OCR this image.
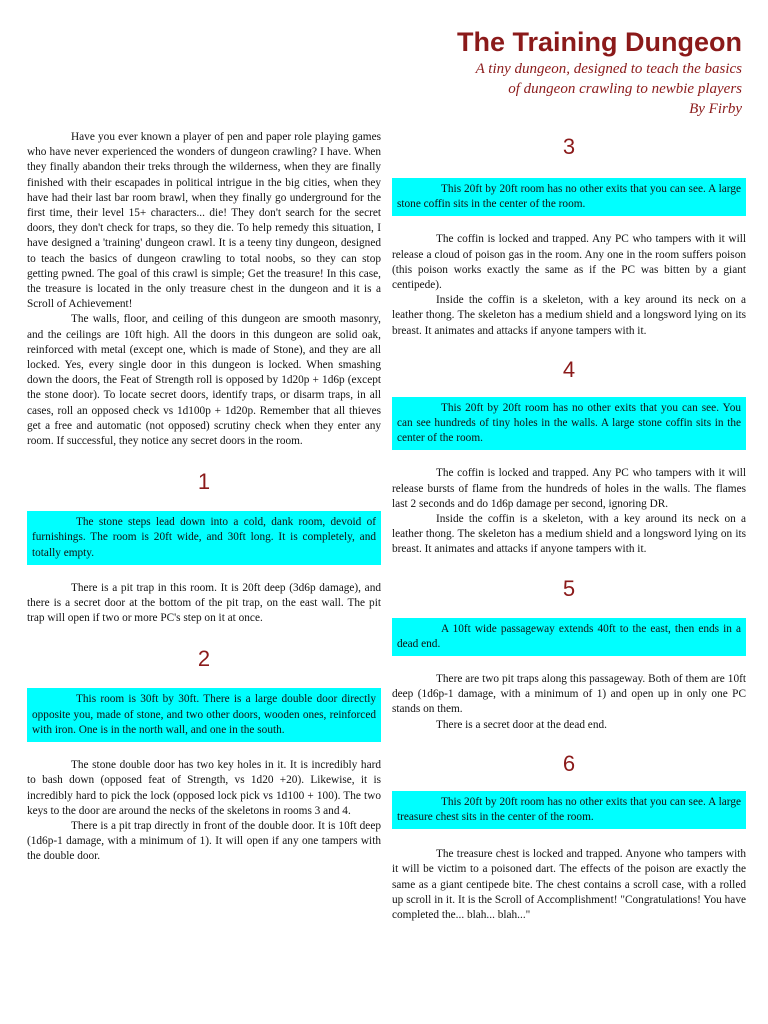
The Training Dungeon
A tiny dungeon, designed to teach the basics
of dungeon crawling to newbie players
By Firby

Have you ever known a player of pen and paper role playing games who have never experienced the wonders of dungeon crawling? I have. When they finally abandon their treks through the wilderness, when they are finally finished with their escapades in political intrigue in the big cities, when they have had their last bar room brawl, when they finally go underground for the first time, their level 15+ characters... die! They don't search for the secret doors, they don't check for traps, so they die. To help remedy this situation, I have designed a 'training' dungeon crawl. It is a teeny tiny dungeon, designed to teach the basics of dungeon crawling to total noobs, so they can stop getting pwned. The goal of this crawl is simple; Get the treasure! In this case, the treasure is located in the only treasure chest in the dungeon and it is a Scroll of Achievement!

The walls, floor, and ceiling of this dungeon are smooth masonry, and the ceilings are 10ft high. All the doors in this dungeon are solid oak, reinforced with metal (except one, which is made of Stone), and they are all locked. Yes, every single door in this dungeon is locked. When smashing down the doors, the Feat of Strength roll is opposed by 1d20p + 1d6p (except the stone door). To locate secret doors, identify traps, or disarm traps, in all cases, roll an opposed check vs 1d100p + 1d20p. Remember that all thieves get a free and automatic (not opposed) scrutiny check when they enter any room. If successful, they notice any secret doors in the room.

1

The stone steps lead down into a cold, dank room, devoid of furnishings. The room is 20ft wide, and 30ft long. It is completely, and totally empty.

There is a pit trap in this room. It is 20ft deep (3d6p damage), and there is a secret door at the bottom of the pit trap, on the east wall. The pit trap will open if two or more PC's step on it at once.

2

This room is 30ft by 30ft. There is a large double door directly opposite you, made of stone, and two other doors, wooden ones, reinforced with iron. One is in the north wall, and one in the south.

The stone double door has two key holes in it. It is incredibly hard to bash down (opposed feat of Strength, vs 1d20 +20). Likewise, it is incredibly hard to pick the lock (opposed lock pick vs 1d100 + 100). The two keys to the door are around the necks of the skeletons in rooms 3 and 4.

There is a pit trap directly in front of the double door. It is 10ft deep (1d6p-1 damage, with a minimum of 1). It will open if any one tampers with the double door.

3

This 20ft by 20ft room has no other exits that you can see. A large stone coffin sits in the center of the room.

The coffin is locked and trapped. Any PC who tampers with it will release a cloud of poison gas in the room. Any one in the room suffers poison (this poison works exactly the same as if the PC was bitten by a giant centipede).

Inside the coffin is a skeleton, with a key around its neck on a leather thong. The skeleton has a medium shield and a longsword lying on its breast. It animates and attacks if anyone tampers with it.

4

This 20ft by 20ft room has no other exits that you can see. You can see hundreds of tiny holes in the walls. A large stone coffin sits in the center of the room.

The coffin is locked and trapped. Any PC who tampers with it will release bursts of flame from the hundreds of holes in the walls. The flames last 2 seconds and do 1d6p damage per second, ignoring DR.

Inside the coffin is a skeleton, with a key around its neck on a leather thong. The skeleton has a medium shield and a longsword lying on its breast. It animates and attacks if anyone tampers with it.

5

A 10ft wide passageway extends 40ft to the east, then ends in a dead end.

There are two pit traps along this passageway. Both of them are 10ft deep (1d6p-1 damage, with a minimum of 1) and open up in only one PC stands on them.

There is a secret door at the dead end.

6

This 20ft by 20ft room has no other exits that you can see. A large treasure chest sits in the center of the room.

The treasure chest is locked and trapped. Anyone who tampers with it will be victim to a poisoned dart. The effects of the poison are exactly the same as a giant centipede bite. The chest contains a scroll case, with a rolled up scroll in it. It is the Scroll of Accomplishment! "Congratulations! You have completed the... blah... blah..."
